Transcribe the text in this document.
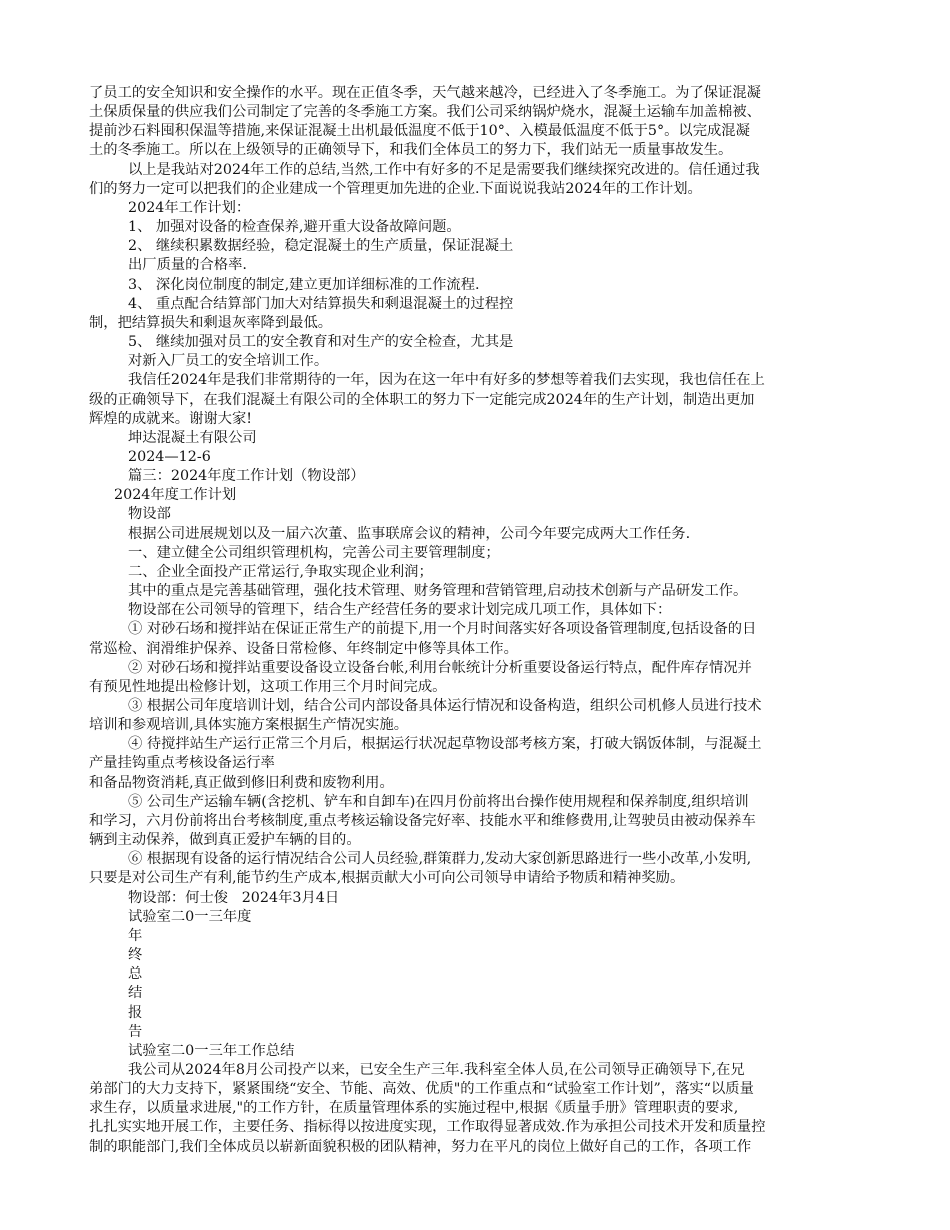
了员工的安全知识和安全操作的水平。现在正值冬季，天气越来越冷，已经进入了冬季施工。为了保证混凝

土保质保量的供应我们公司制定了完善的冬季施工方案。我们公司采纳锅炉烧水，混凝土运输车加盖棉被、

提前沙石料囤积保温等措施,来保证混凝土出机最低温度不低于10°、入模最低温度不低于5°。以完成混凝

土的冬季施工。所以在上级领导的正确领导下，和我们全体员工的努力下，我们站无一质量事故发生。

以上是我站对2024年工作的总结,当然,工作中有好多的不足是需要我们继续探究改进的。信任通过我

们的努力一定可以把我们的企业建成一个管理更加先进的企业.下面说说我站2024年的工作计划。

2024年工作计划：

1、 加强对设备的检查保养,避开重大设备故障问题。

2、 继续积累数据经验，稳定混凝土的生产质量，保证混凝土

出厂质量的合格率.

3、 深化岗位制度的制定,建立更加详细标准的工作流程.

4、 重点配合结算部门加大对结算损失和剩退混凝土的过程控

制，把结算损失和剩退灰率降到最低。

5、 继续加强对员工的安全教育和对生产的安全检查，尤其是

对新入厂员工的安全培训工作。

我信任2024年是我们非常期待的一年，因为在这一年中有好多的梦想等着我们去实现，我也信任在上

级的正确领导下，在我们混凝土有限公司的全体职工的努力下一定能完成2024年的生产计划，制造出更加

辉煌的成就来。谢谢大家!

坤达混凝土有限公司

2024—12-6

篇三：2024年度工作计划（物设部）

2024年度工作计划

物设部

根据公司进展规划以及一届六次董、监事联席会议的精神，公司今年要完成两大工作任务.

一、建立健全公司组织管理机构，完善公司主要管理制度；

二、企业全面投产正常运行,争取实现企业利润；

其中的重点是完善基础管理，强化技术管理、财务管理和营销管理,启动技术创新与产品研发工作。

物设部在公司领导的管理下，结合生产经营任务的要求计划完成几项工作，具体如下：

① 对砂石场和搅拌站在保证正常生产的前提下,用一个月时间落实好各项设备管理制度,包括设备的日

常巡检、润滑维护保养、设备日常检修、年终制定中修等具体工作。

② 对砂石场和搅拌站重要设备设立设备台帐,利用台帐统计分析重要设备运行特点，配件库存情况并

有预见性地提出检修计划，这项工作用三个月时间完成。

③ 根据公司年度培训计划，结合公司内部设备具体运行情况和设备构造，组织公司机修人员进行技术

培训和参观培训,具体实施方案根据生产情况实施。

④ 待搅拌站生产运行正常三个月后，根据运行状况起草物设部考核方案，打破大锅饭体制，与混凝土

产量挂钩重点考核设备运行率

和备品物资消耗,真正做到修旧利费和废物利用。

⑤ 公司生产运输车辆(含挖机、铲车和自卸车)在四月份前将出台操作使用规程和保养制度,组织培训

和学习，六月份前将出台考核制度,重点考核运输设备完好率、技能水平和维修费用,让驾驶员由被动保养车

辆到主动保养，做到真正爱护车辆的目的。

⑥ 根据现有设备的运行情况结合公司人员经验,群策群力,发动大家创新思路进行一些小改革,小发明,

只要是对公司生产有利,能节约生产成本,根据贡献大小可向公司领导申请给予物质和精神奖励。

物设部：何士俊   2024年3月4日

试验室二0一三年度

年

终

总

结

报

告

试验室二0一三年工作总结

我公司从2024年8月公司投产以来，已安全生产三年.我科室全体人员,在公司领导正确领导下,在兄

弟部门的大力支持下，紧紧围绕“安全、节能、高效、优质"的工作重点和“试验室工作计划”，落实“以质量

求生存，以质量求进展,"的工作方针，在质量管理体系的实施过程中,根据《质量手册》管理职责的要求,

扎扎实实地开展工作，主要任务、指标得以按进度实现，工作取得显著成效.作为承担公司技术开发和质量控

制的职能部门,我们全体成员以崭新面貌积极的团队精神，努力在平凡的岗位上做好自己的工作，各项工作
